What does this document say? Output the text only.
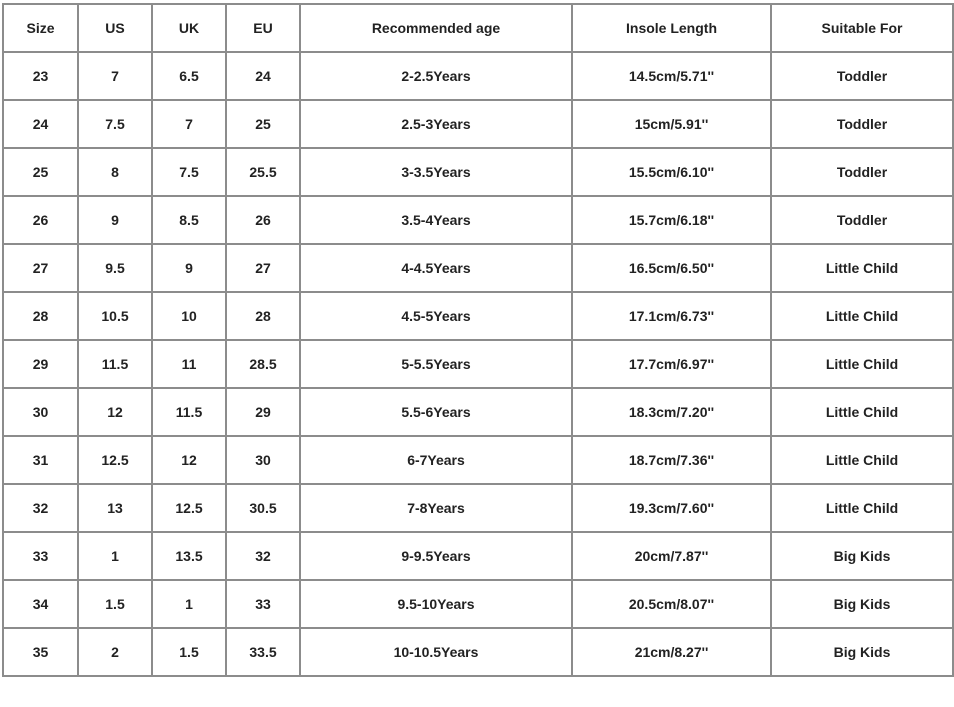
Size	US	UK	EU	Recommended age	Insole Length	Suitable For
23	7	6.5	24	2-2.5Years	14.5cm/5.71''	Toddler
24	7.5	7	25	2.5-3Years	15cm/5.91''	Toddler
25	8	7.5	25.5	3-3.5Years	15.5cm/6.10''	Toddler
26	9	8.5	26	3.5-4Years	15.7cm/6.18''	Toddler
27	9.5	9	27	4-4.5Years	16.5cm/6.50''	Little Child
28	10.5	10	28	4.5-5Years	17.1cm/6.73''	Little Child
29	11.5	11	28.5	5-5.5Years	17.7cm/6.97''	Little Child
30	12	11.5	29	5.5-6Years	18.3cm/7.20''	Little Child
31	12.5	12	30	6-7Years	18.7cm/7.36''	Little Child
32	13	12.5	30.5	7-8Years	19.3cm/7.60''	Little Child
33	1	13.5	32	9-9.5Years	20cm/7.87''	Big Kids
34	1.5	1	33	9.5-10Years	20.5cm/8.07''	Big Kids
35	2	1.5	33.5	10-10.5Years	21cm/8.27''	Big Kids
